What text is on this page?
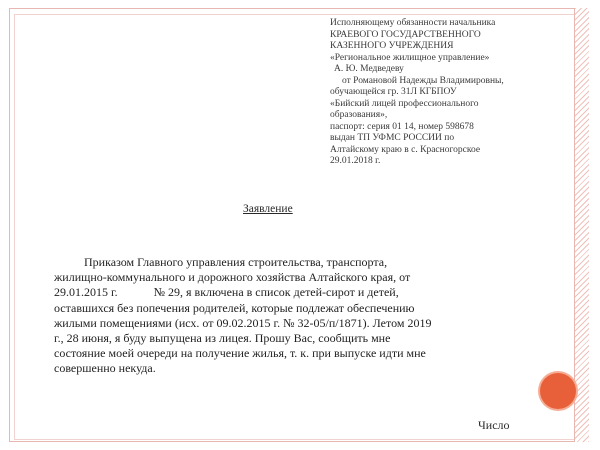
Исполняющему обязанности начальника
КРАЕВОГО ГОСУДАРСТВЕННОГО
КАЗЕННОГО УЧРЕЖДЕНИЯ
«Региональное жилищное управление»
А. Ю. Медведеву
от Романовой Надежды Владимировны,
обучающейся гр. 31Л КГБПОУ
«Бийский лицей профессионального
образования»,
паспорт: серия 01 14, номер 598678
выдан ТП УФМС РОССИИ по
Алтайскому краю в с. Красногорское
29.01.2018 г.
Заявление
Приказом Главного управления строительства, транспорта,
жилищно-коммунального и дорожного хозяйства Алтайского края, от
29.01.2015 г.            № 29, я включена в список детей-сирот и детей,
оставшихся без попечения родителей, которые подлежат обеспечению
жилыми помещениями (исх. от 09.02.2015 г. № 32-05/п/1871). Летом 2019
г., 28 июня, я буду выпущена из лицея. Прошу Вас, сообщить мне
состояние моей очереди на получение жилья, т. к. при выпуске идти мне
совершенно некуда.
Число
